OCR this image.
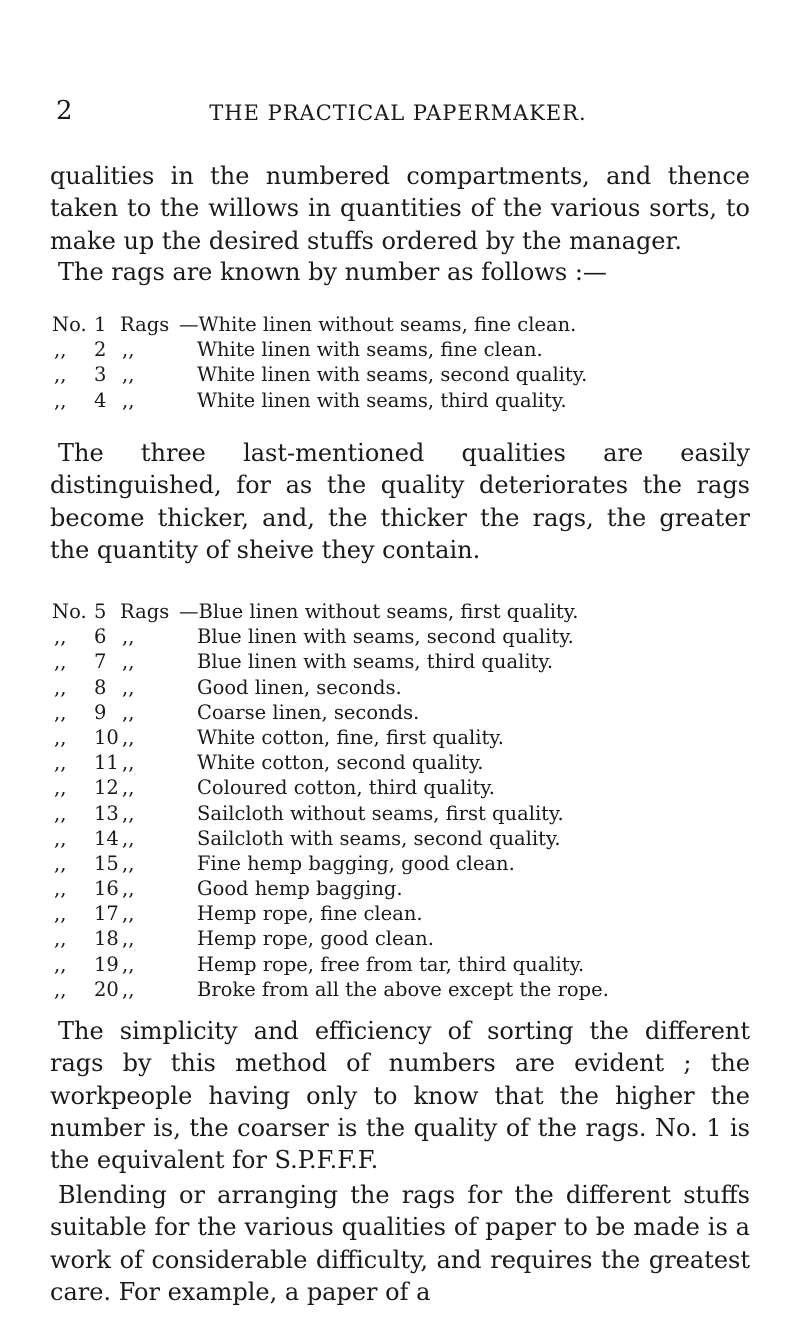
2	THE PRACTICAL PAPERMAKER.

qualities in the numbered compartments, and thence taken to the willows in quantities of the various sorts, to make up the desired stuffs ordered by the manager.

The rags are known by number as follows :—

No. 1 Rags —White linen without seams, fine clean.
,,	2 ,,	White linen with seams, fine clean.
,,	3 ,,	White linen with seams, second quality.
,,	4 ,,	White linen with seams, third quality.

The three last-mentioned qualities are easily distinguished, for as the quality deteriorates the rags become thicker, and, the thicker the rags, the greater the quantity of sheive they contain.

No. 5 Rags —Blue linen without seams, first quality.
,,	6 ,,	Blue linen with seams, second quality.
,,	7 ,,	Blue linen with seams, third quality.
,,	8 ,,	Good linen, seconds.
,,	9 ,,	Coarse linen, seconds.
,,	10 ,,	White cotton, fine, first quality.
,,	11 ,,	White cotton, second quality.
,,	12 ,,	Coloured cotton, third quality.
,,	13 ,,	Sailcloth without seams, first quality.
,,	14 ,,	Sailcloth with seams, second quality.
,,	15 ,,	Fine hemp bagging, good clean.
,,	16 ,,	Good hemp bagging.
,,	17 ,,	Hemp rope, fine clean.
,,	18 ,,	Hemp rope, good clean.
,,	19 ,,	Hemp rope, free from tar, third quality.
,,	20 ,,	Broke from all the above except the rope.

The simplicity and efficiency of sorting the different rags by this method of numbers are evident ; the workpeople having only to know that the higher the number is, the coarser is the quality of the rags. No. 1 is the equivalent for S.P.F.F.F.

Blending or arranging the rags for the different stuffs suitable for the various qualities of paper to be made is a work of considerable difficulty, and requires the greatest care. For example, a paper of a
